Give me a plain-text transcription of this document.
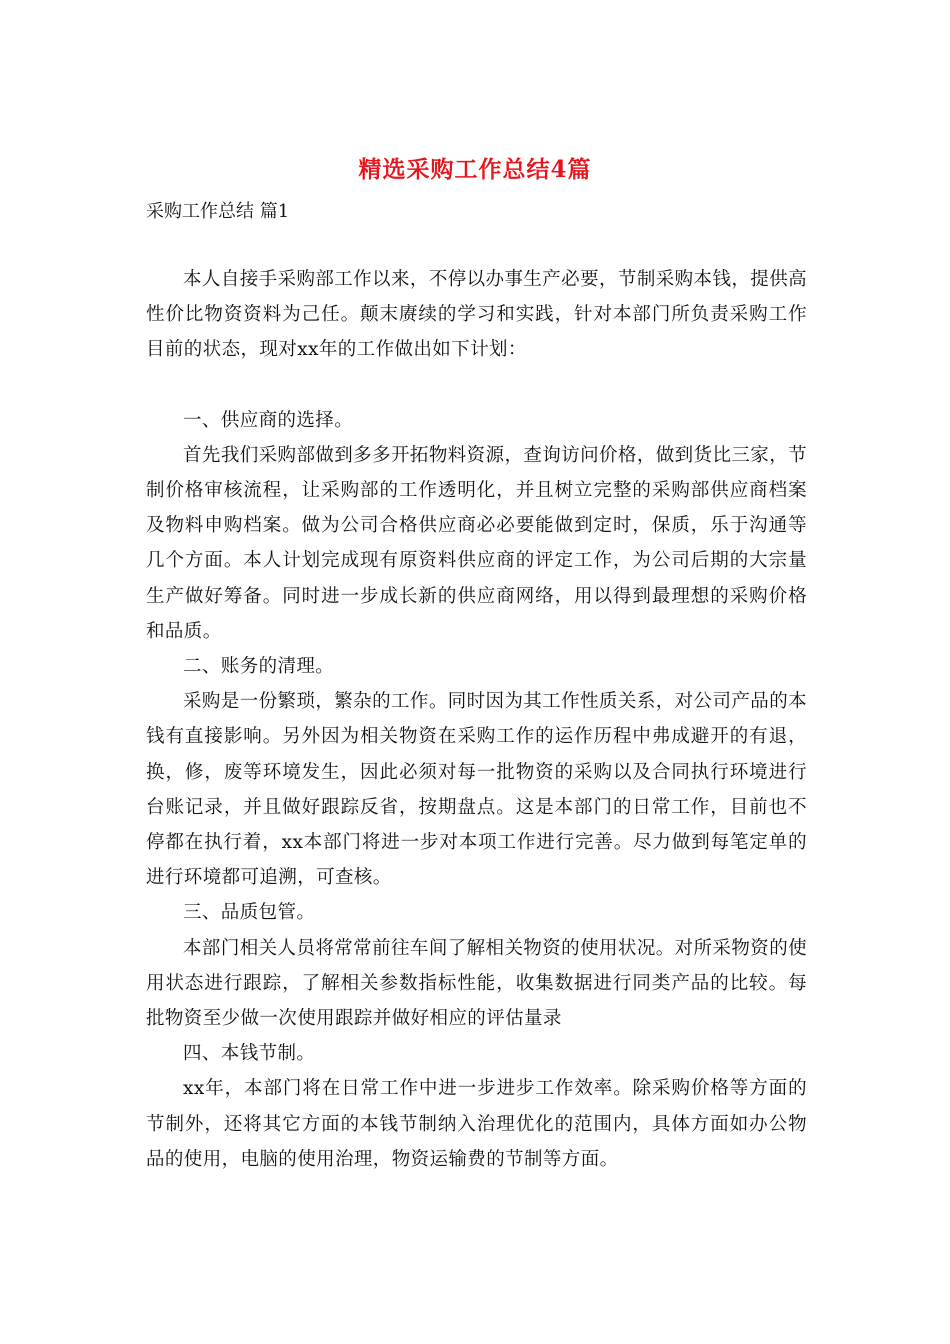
精选采购工作总结4篇
采购工作总结 篇1

本人自接手采购部工作以来，不停以办事生产必要，节制采购本钱，提供高性价比物资资料为己任。颠末赓续的学习和实践，针对本部门所负责采购工作目前的状态，现对xx年的工作做出如下计划：

一、供应商的选择。

首先我们采购部做到多多开拓物料资源，查询访问价格，做到货比三家，节制价格审核流程，让采购部的工作透明化，并且树立完整的采购部供应商档案及物料申购档案。做为公司合格供应商必必要能做到定时，保质，乐于沟通等几个方面。本人计划完成现有原资料供应商的评定工作，为公司后期的大宗量生产做好筹备。同时进一步成长新的供应商网络，用以得到最理想的采购价格和品质。

二、账务的清理。

采购是一份繁琐，繁杂的工作。同时因为其工作性质关系，对公司产品的本钱有直接影响。另外因为相关物资在采购工作的运作历程中弗成避开的有退，换，修，废等环境发生，因此必须对每一批物资的采购以及合同执行环境进行台账记录，并且做好跟踪反省，按期盘点。这是本部门的日常工作，目前也不停都在执行着，xx本部门将进一步对本项工作进行完善。尽力做到每笔定单的进行环境都可追溯，可查核。

三、品质包管。

本部门相关人员将常常前往车间了解相关物资的使用状况。对所采物资的使用状态进行跟踪，了解相关参数指标性能，收集数据进行同类产品的比较。每批物资至少做一次使用跟踪并做好相应的评估量录

四、本钱节制。

xx年，本部门将在日常工作中进一步进步工作效率。除采购价格等方面的节制外，还将其它方面的本钱节制纳入治理优化的范围内，具体方面如办公物品的使用，电脑的使用治理，物资运输费的节制等方面。
